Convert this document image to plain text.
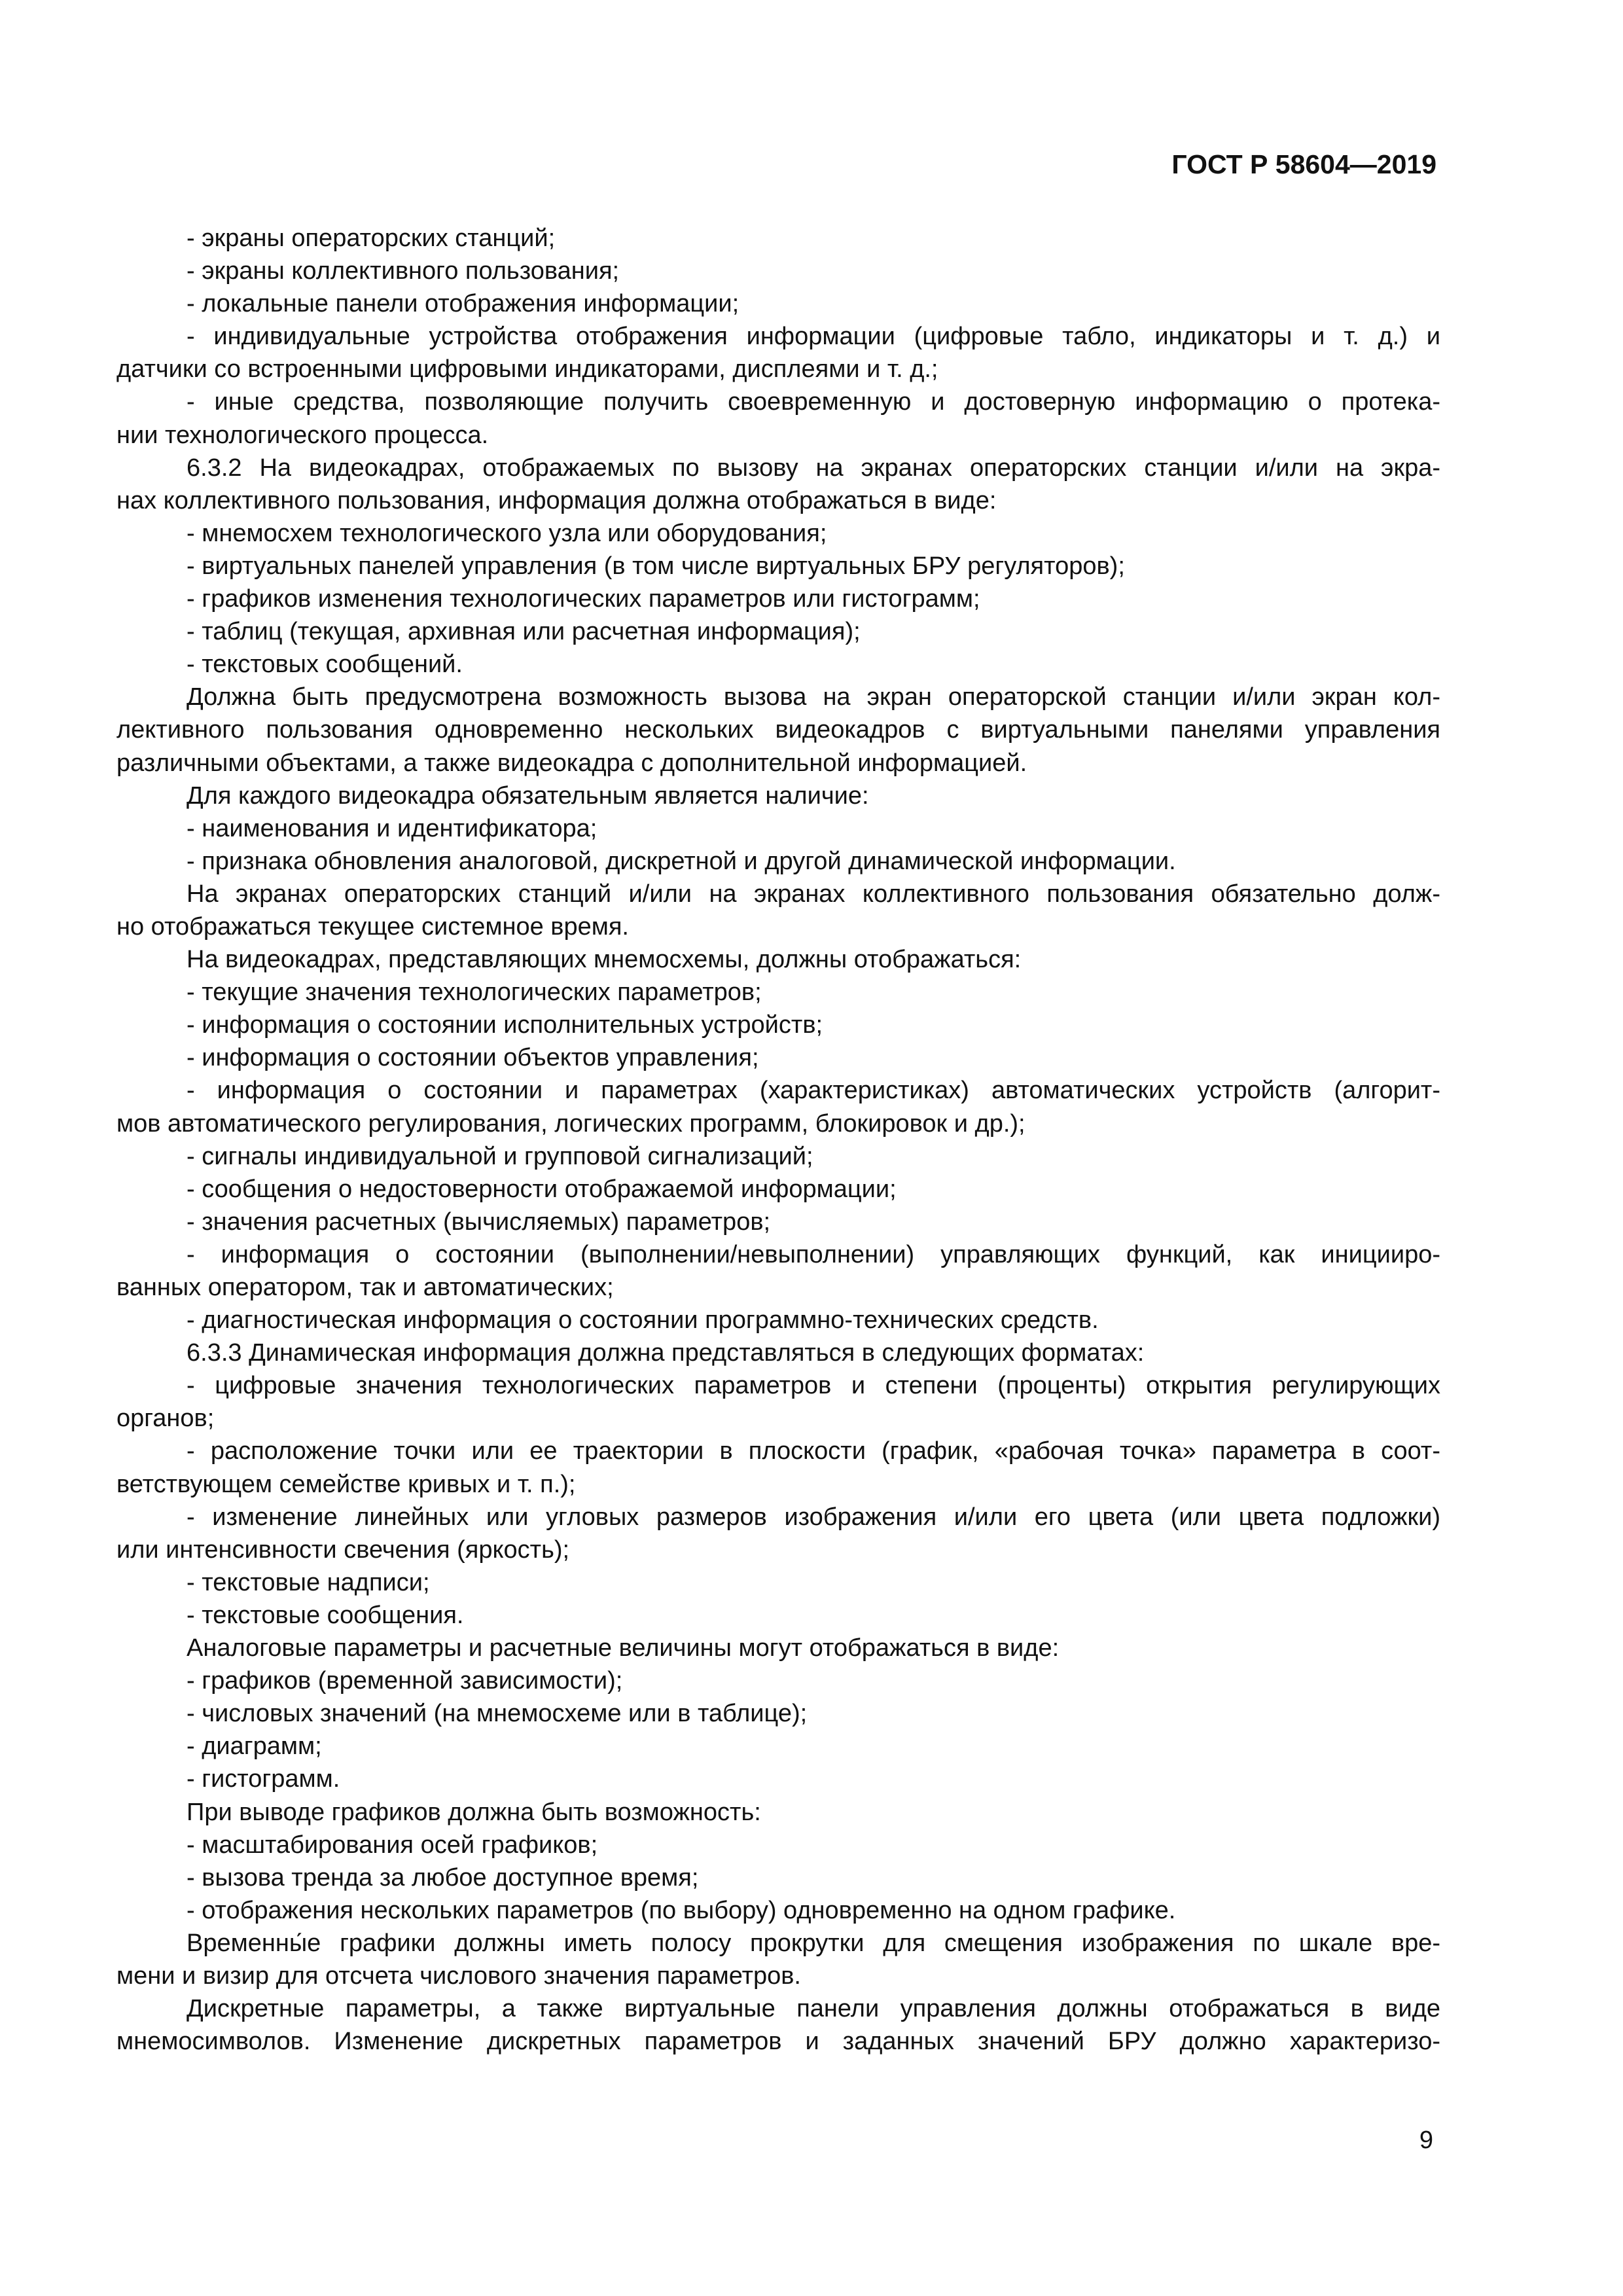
ГОСТ Р 58604—2019
- экраны операторских станций;
- экраны коллективного пользования;
- локальные панели отображения информации;
- индивидуальные устройства отображения информации (цифровые табло, индикаторы и т. д.) и
датчики со встроенными цифровыми индикаторами, дисплеями и т. д.;
- иные средства, позволяющие получить своевременную и достоверную информацию о протека-
нии технологического процесса.
6.3.2 На видеокадрах, отображаемых по вызову на экранах операторских станции и/или на экра-
нах коллективного пользования, информация должна отображаться в виде:
- мнемосхем технологического узла или оборудования;
- виртуальных панелей управления (в том числе виртуальных БРУ регуляторов);
- графиков изменения технологических параметров или гистограмм;
- таблиц (текущая, архивная или расчетная информация);
- текстовых сообщений.
Должна быть предусмотрена возможность вызова на экран операторской станции и/или экран кол-
лективного пользования одновременно нескольких видеокадров с виртуальными панелями управления
различными объектами, а также видеокадра с дополнительной информацией.
Для каждого видеокадра обязательным является наличие:
- наименования и идентификатора;
- признака обновления аналоговой, дискретной и другой динамической информации.
На экранах операторских станций и/или на экранах коллективного пользования обязательно долж-
но отображаться текущее системное время.
На видеокадрах, представляющих мнемосхемы, должны отображаться:
- текущие значения технологических параметров;
- информация о состоянии исполнительных устройств;
- информация о состоянии объектов управления;
- информация о состоянии и параметрах (характеристиках) автоматических устройств (алгорит-
мов автоматического регулирования, логических программ, блокировок и др.);
- сигналы индивидуальной и групповой сигнализаций;
- сообщения о недостоверности отображаемой информации;
- значения расчетных (вычисляемых) параметров;
- информация о состоянии (выполнении/невыполнении) управляющих функций, как иницииро-
ванных оператором, так и автоматических;
- диагностическая информация о состоянии программно-технических средств.
6.3.3 Динамическая информация должна представляться в следующих форматах:
- цифровые значения технологических параметров и степени (проценты) открытия регулирующих
органов;
- расположение точки или ее траектории в плоскости (график, «рабочая точка» параметра в соот-
ветствующем семействе кривых и т. п.);
- изменение линейных или угловых размеров изображения и/или его цвета (или цвета подложки)
или интенсивности свечения (яркость);
- текстовые надписи;
- текстовые сообщения.
Аналоговые параметры и расчетные величины могут отображаться в виде:
- графиков (временной зависимости);
- числовых значений (на мнемосхеме или в таблице);
- диаграмм;
- гистограмм.
При выводе графиков должна быть возможность:
- масштабирования осей графиков;
- вызова тренда за любое доступное время;
- отображения нескольких параметров (по выбору) одновременно на одном графике.
Временны́е графики должны иметь полосу прокрутки для смещения изображения по шкале вре-
мени и визир для отсчета числового значения параметров.
Дискретные параметры, а также виртуальные панели управления должны отображаться в виде
мнемосимволов. Изменение дискретных параметров и заданных значений БРУ должно характеризо-
9
